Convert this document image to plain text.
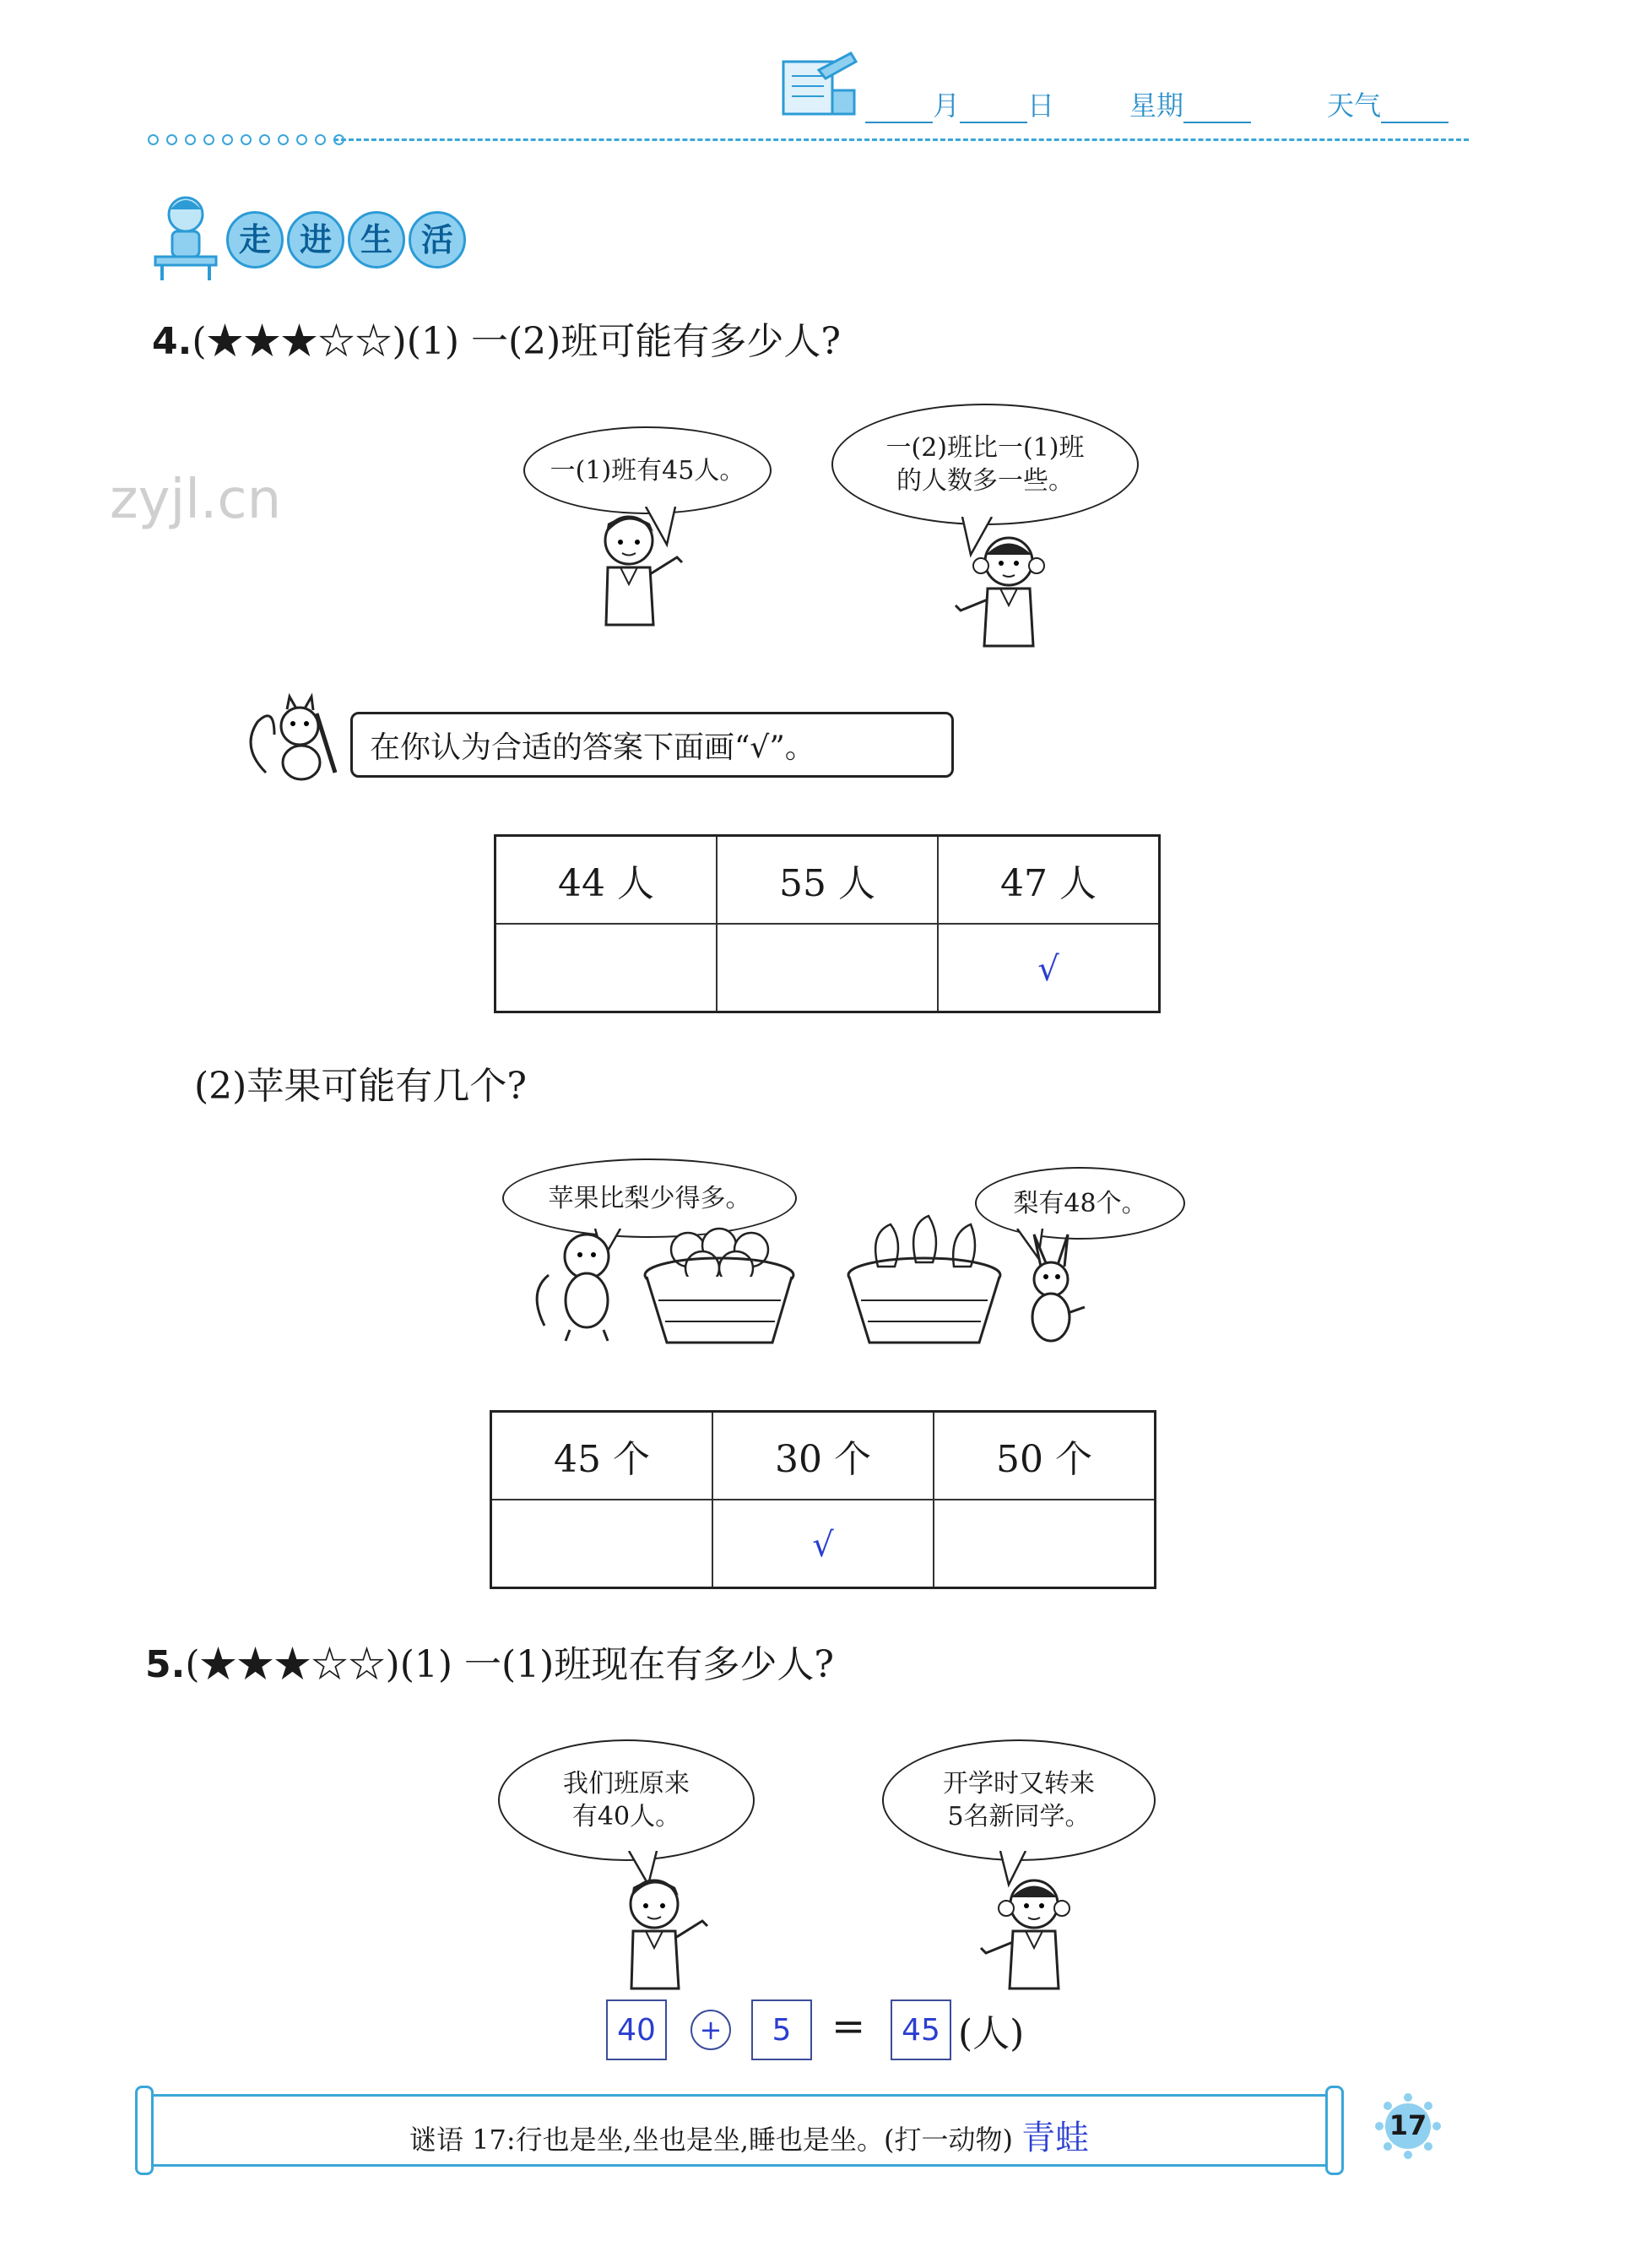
月	日	星期	天气
走 进 生 活
4.(★★★☆☆)(1) 一(2)班可能有多少人?
zyjl.cn	一(1)班有45人。
一(2)班比一(1)班
的人数多一些。
在你认为合适的答案下面画“√”。
44 人	55 人	47 人
		√
(2)苹果可能有几个?
苹果比梨少得多。	梨有48个。
45 个	30 个	50 个
	√	
5.(★★★☆☆)(1) 一(1)班现在有多少人?
我们班原来
有40人。
开学时又转来
5名新同学。
40	+	5 =	45 (人)
谜语 17:行也是坐,坐也是坐,睡也是坐。(打一动物) 青蛙	17
